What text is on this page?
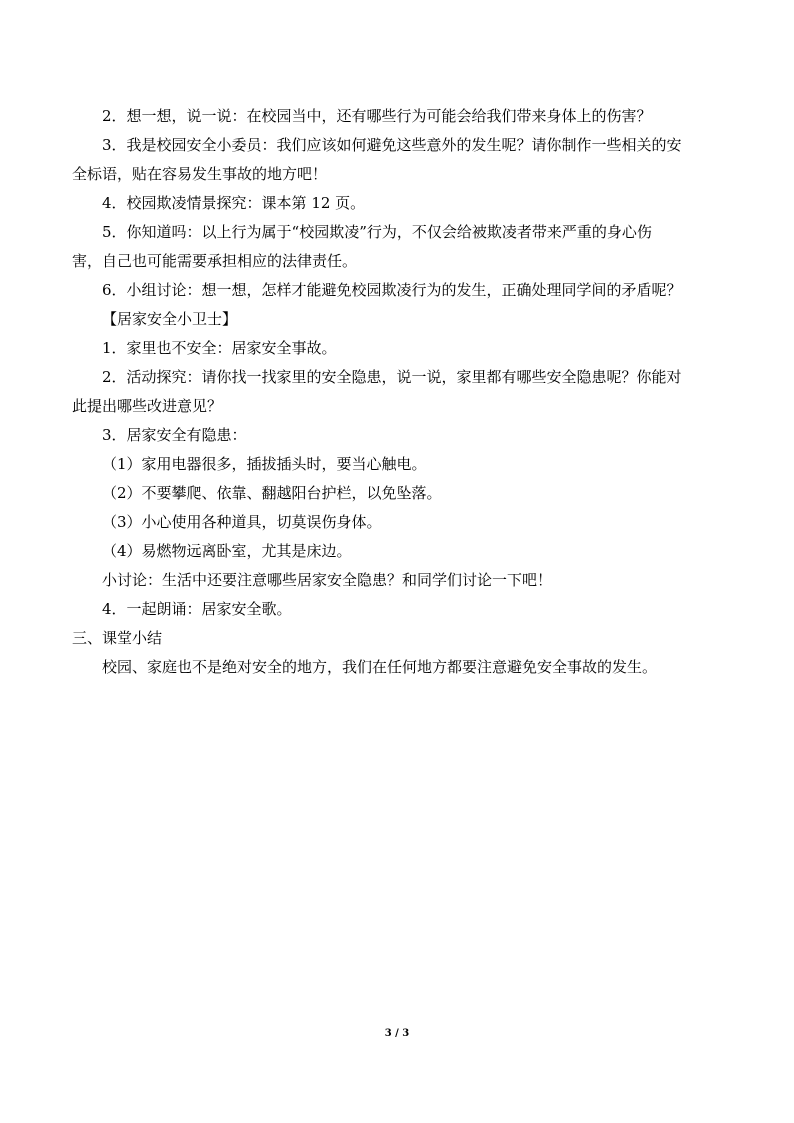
2．想一想，说一说：在校园当中，还有哪些行为可能会给我们带来身体上的伤害？
3．我是校园安全小委员：我们应该如何避免这些意外的发生呢？请你制作一些相关的安
全标语，贴在容易发生事故的地方吧！
4．校园欺凌情景探究：课本第 12 页。
5．你知道吗：以上行为属于“校园欺凌”行为，不仅会给被欺凌者带来严重的身心伤
害，自己也可能需要承担相应的法律责任。
6．小组讨论：想一想，怎样才能避免校园欺凌行为的发生，正确处理同学间的矛盾呢？
【居家安全小卫士】
1．家里也不安全：居家安全事故。
2．活动探究：请你找一找家里的安全隐患，说一说，家里都有哪些安全隐患呢？你能对
此提出哪些改进意见？
3．居家安全有隐患：
（1）家用电器很多，插拔插头时，要当心触电。
（2）不要攀爬、依靠、翻越阳台护栏，以免坠落。
（3）小心使用各种道具，切莫误伤身体。
（4）易燃物远离卧室，尤其是床边。
小讨论：生活中还要注意哪些居家安全隐患？和同学们讨论一下吧！
4．一起朗诵：居家安全歌。
三、课堂小结
校园、家庭也不是绝对安全的地方，我们在任何地方都要注意避免安全事故的发生。
3 / 3
